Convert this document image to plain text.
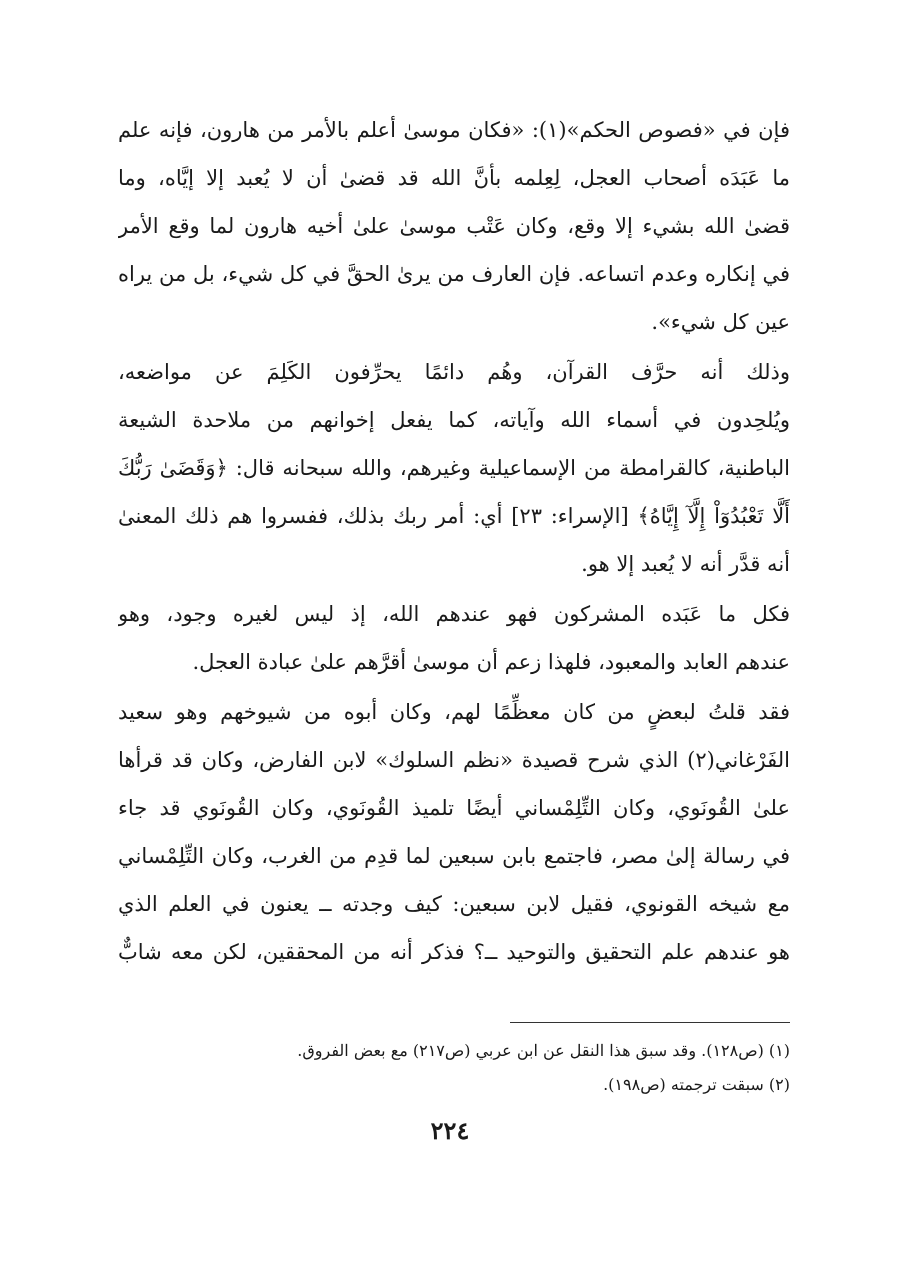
فإن في «فصوص الحكم»(١): «فكان موسىٰ أعلم بالأمر من هارون، فإنه علم
ما عَبَدَه أصحاب العجل، لِعِلمه بأنَّ الله قد قضىٰ أن لا يُعبد إلا إيَّاه، وما
قضىٰ الله بشيء إلا وقع، وكان عَتْب موسىٰ علىٰ أخيه هارون لما وقع الأمر
في إنكاره وعدم اتساعه. فإن العارف من يرىٰ الحقَّ في كل شيء، بل من يراه
عين كل شيء».
وذلك أنه حرَّف القرآن، وهُم دائمًا يحرِّفون الكَلِمَ عن مواضعه،
ويُلحِدون في أسماء الله وآياته، كما يفعل إخوانهم من ملاحدة الشيعة
الباطنية، كالقرامطة من الإسماعيلية وغيرهم، والله سبحانه قال: ﴿وَقَضَىٰ رَبُّكَ
أَلَّا تَعْبُدُوٓاْ إِلَّآ إِيَّاهُ﴾ [الإسراء: ٢٣] أي: أمر ربك بذلك، ففسروا هم ذلك المعنىٰ
أنه قدَّر أنه لا يُعبد إلا هو.
فكل ما عَبَده المشركون فهو عندهم الله، إذ ليس لغيره وجود، وهو
عندهم العابد والمعبود، فلهذا زعم أن موسىٰ أقرَّهم علىٰ عبادة العجل.
فقد قلتُ لبعضٍ من كان معظِّمًا لهم، وكان أبوه من شيوخهم وهو سعيد
الفَرْغاني(٢) الذي شرح قصيدة «نظم السلوك» لابن الفارض، وكان قد قرأها
علىٰ القُونَوي، وكان التِّلِمْساني أيضًا تلميذ القُونَوي، وكان القُونَوي قد جاء
في رسالة إلىٰ مصر، فاجتمع بابن سبعين لما قدِم من الغرب، وكان التِّلِمْساني
مع شيخه القونوي، فقيل لابن سبعين: كيف وجدته ــ يعنون في العلم الذي
هو عندهم علم التحقيق والتوحيد ــ؟ فذكر أنه من المحققين، لكن معه شابٌّ
(١) (ص١٢٨). وقد سبق هذا النقل عن ابن عربي (ص٢١٧) مع بعض الفروق.
(٢) سبقت ترجمته (ص١٩٨).
٢٢٤
